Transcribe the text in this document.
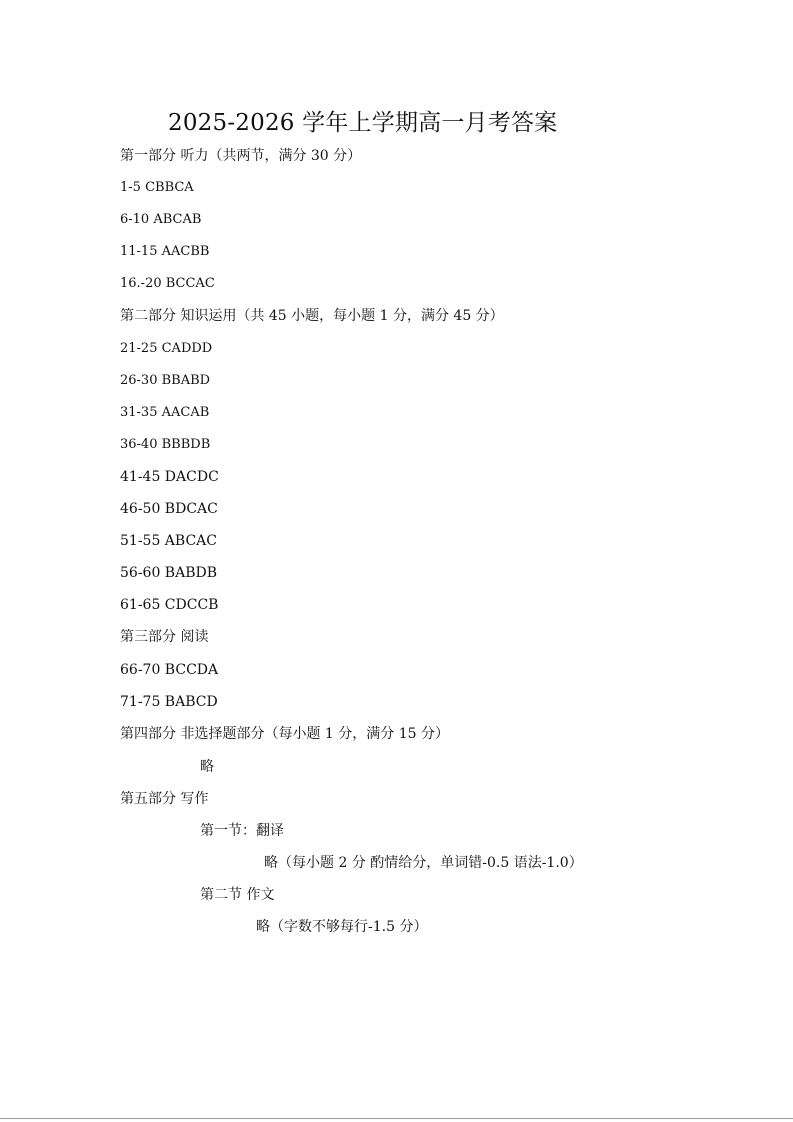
2025-2026 学年上学期高一月考答案
第一部分 听力（共两节，满分 30 分）
1-5 CBBCA
6-10 ABCAB
11-15 AACBB
16.-20 BCCAC
第二部分 知识运用（共 45 小题，每小题 1 分，满分 45 分）
21-25 CADDD
26-30 BBABD
31-35 AACAB
36-40 BBBDB
41-45 DACDC
46-50 BDCAC
51-55 ABCAC
56-60 BABDB
61-65 CDCCB
第三部分 阅读
66-70 BCCDA
71-75 BABCD
第四部分 非选择题部分（每小题 1 分，满分 15 分）
略
第五部分 写作
第一节：翻译
略（每小题 2 分 酌情给分，单词错-0.5 语法-1.0）
第二节 作文
略（字数不够每行-1.5 分）
